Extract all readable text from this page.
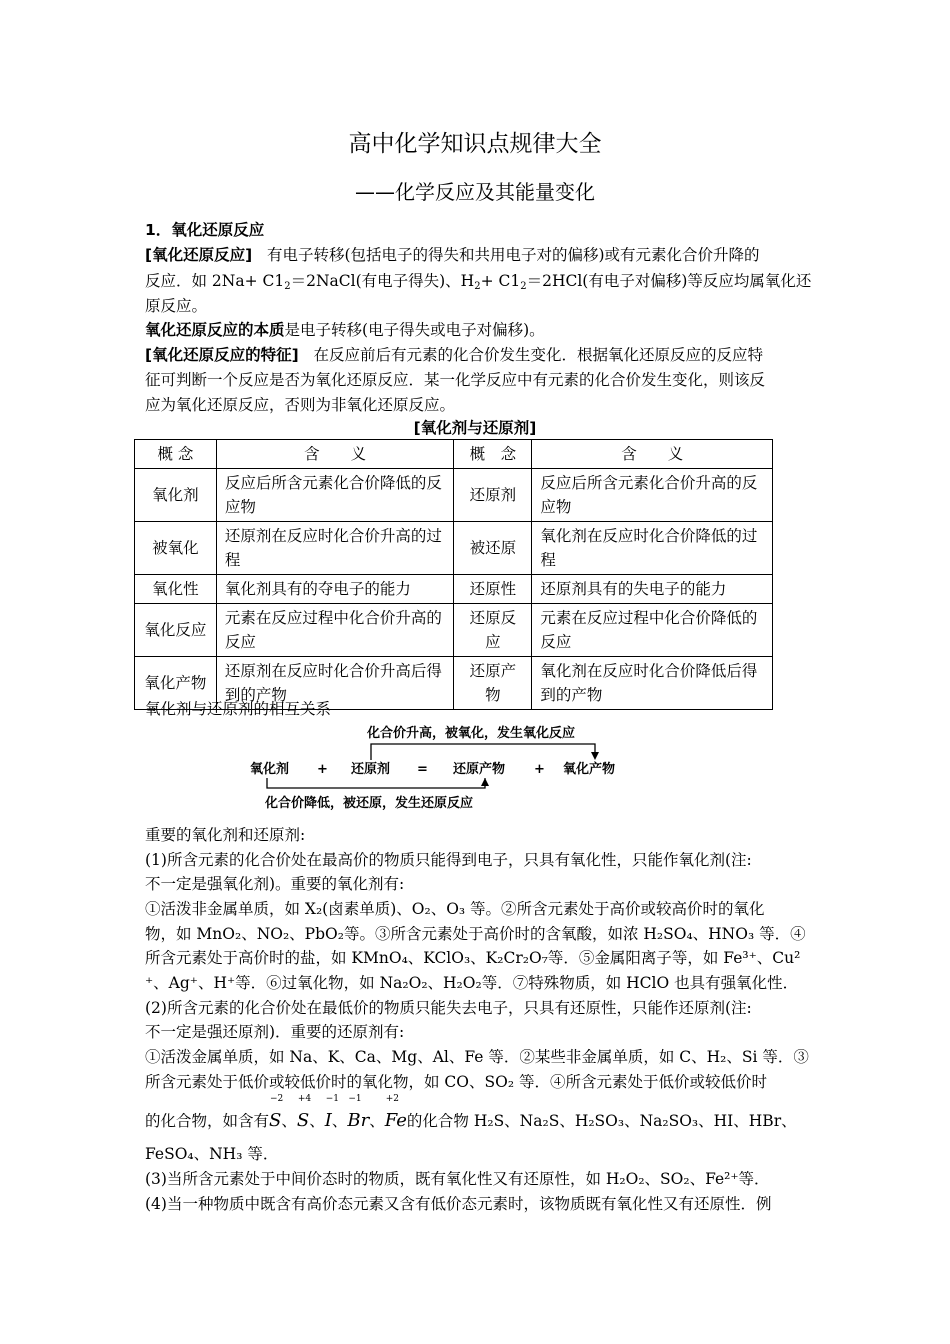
高中化学知识点规律大全
——化学反应及其能量变化
1．氧化还原反应
[氧化还原反应] 有电子转移(包括电子的得失和共用电子对的偏移)或有元素化合价升降的
反应．如 $2Na+ C1_2=2NaCl$(有电子得失)、$H_2+ C1_2=2HCl$(有电子对偏移)等反应均属氧化还
原反应。
氧化还原反应的本质是电子转移(电子得失或电子对偏移)。
[氧化还原反应的特征] 在反应前后有元素的化合价发生变化．根据氧化还原反应的反应特
征可判断一个反应是否为氧化还原反应．某一化学反应中有元素的化合价发生变化，则该反
应为氧化还原反应，否则为非氧化还原反应。
[氧化剂与还原剂]
概 念	含　　义	概　念	含　　义
氧化剂	反应后所含元素化合价降低的反应物	还原剂	反应后所含元素化合价升高的反应物
被氧化	还原剂在反应时化合价升高的过程	被还原	氧化剂在反应时化合价降低的过程
氧化性	氧化剂具有的夺电子的能力	还原性	还原剂具有的失电子的能力
氧化反应	元素在反应过程中化合价升高的反应	还原反应	元素在反应过程中化合价降低的反应
氧化产物	还原剂在反应时化合价升高后得到的产物	还原产物	氧化剂在反应时化合价降低后得到的产物
氧化剂与还原剂的相互关系
化合价升高，被氧化，发生氧化反应
氧化剂 + 还原剂 = 还原产物 + 氧化产物
化合价降低，被还原，发生还原反应
重要的氧化剂和还原剂:
(1)所含元素的化合价处在最高价的物质只能得到电子，只具有氧化性，只能作氧化剂(注:
不一定是强氧化剂)。重要的氧化剂有:
①活泼非金属单质，如 X₂(卤素单质)、O₂、O₃ 等。②所含元素处于高价或较高价时的氧化
物，如 MnO₂、NO₂、PbO₂等。③所含元素处于高价时的含氧酸，如浓 H₂SO₄、HNO₃ 等．④
所含元素处于高价时的盐，如 KMnO₄、KClO₃、K₂Cr₂O₇等．⑤金属阳离子等，如 Fe³⁺、Cu²
⁺、Ag⁺、H⁺等．⑥过氧化物，如 Na₂O₂、H₂O₂等．⑦特殊物质，如 HClO 也具有强氧化性．
(2)所含元素的化合价处在最低价的物质只能失去电子，只具有还原性，只能作还原剂(注:
不一定是强还原剂)．重要的还原剂有:
①活泼金属单质，如 Na、K、Ca、Mg、Al、Fe 等．②某些非金属单质，如 C、H₂、Si 等．③
所含元素处于低价或较低价时的氧化物，如 CO、SO₂ 等．④所含元素处于低价或较低价时
的化合物，如含有
−2
S、
+4
S、
−1
I、
−1
Br、
+2
Fe的化合物 H₂S、Na₂S、H₂SO₃、Na₂SO₃、HI、HBr、
FeSO₄、NH₃ 等．
(3)当所含元素处于中间价态时的物质，既有氧化性又有还原性，如 H₂O₂、SO₂、Fe²⁺等．
(4)当一种物质中既含有高价态元素又含有低价态元素时，该物质既有氧化性又有还原性．例
